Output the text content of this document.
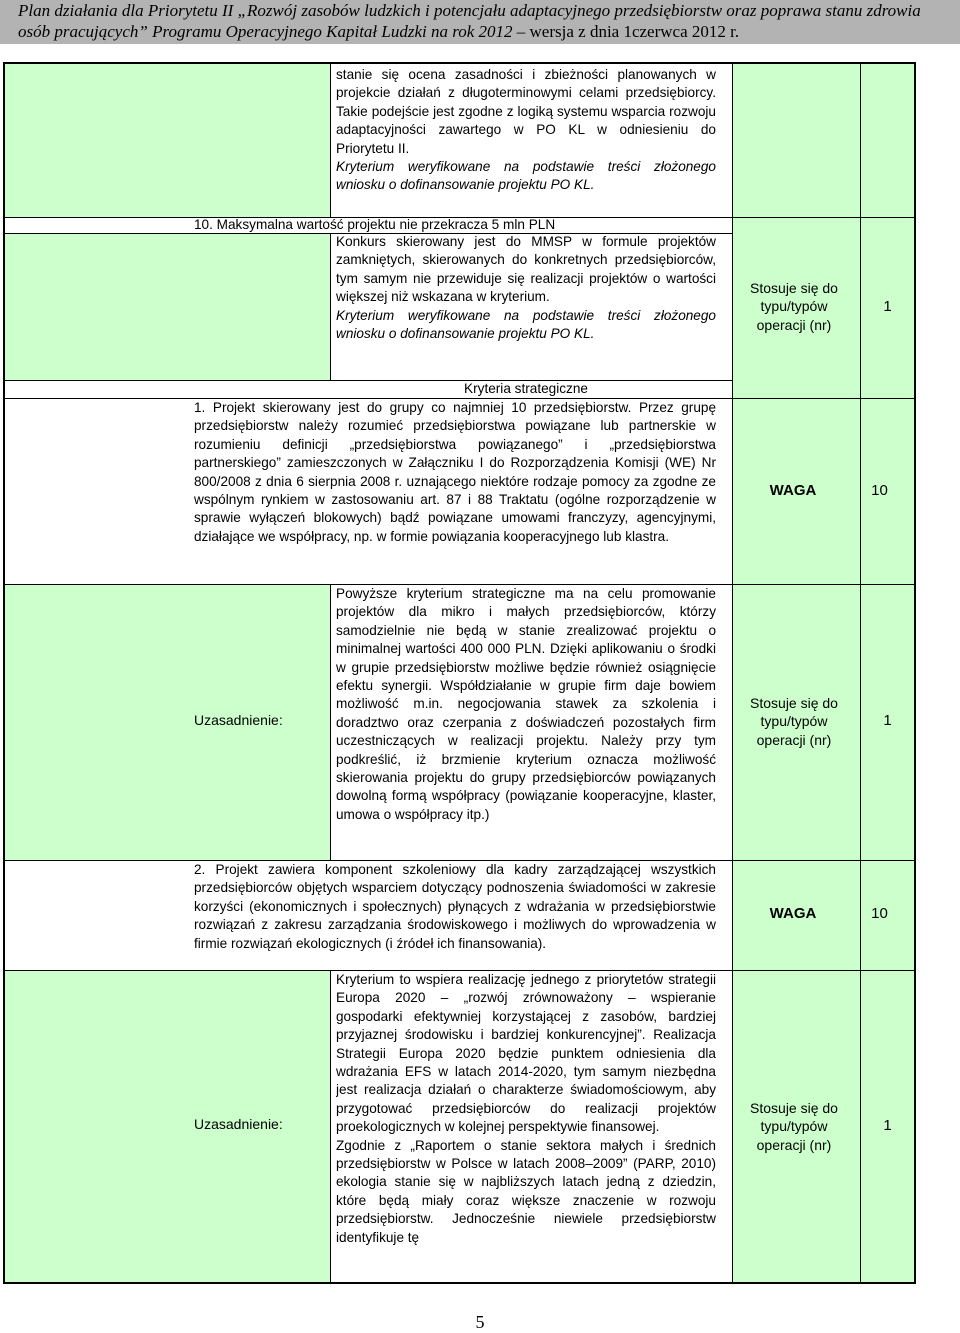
Plan działania dla Priorytetu II „Rozwój zasobów ludzkich i potencjału adaptacyjnego przedsiębiorstw oraz poprawa stanu zdrowia
osób pracujących” Programu Operacyjnego Kapitał Ludzki na rok 2012 – wersja z dnia 1czerwca 2012 r.

stanie się ocena zasadności i zbieżności planowanych w projekcie działań z długoterminowymi celami przedsiębiorcy. Takie podejście jest zgodne z logiką systemu wsparcia rozwoju adaptacyjności zawartego w PO KL w odniesieniu do Priorytetu II.

Kryterium weryfikowane na podstawie treści złożonego wniosku o dofinansowanie projektu PO KL.

10. Maksymalna wartość projektu nie przekracza 5 mln PLN

Konkurs skierowany jest do MMSP w formule projektów zamkniętych, skierowanych do konkretnych przedsiębiorców, tym samym nie przewiduje się realizacji projektów o wartości większej niż wskazana w kryterium.

Kryterium weryfikowane na podstawie treści złożonego wniosku o dofinansowanie projektu PO KL.

Stosuje się do typu/typów operacji (nr)
1
Kryteria strategiczne
1. Projekt skierowany jest do grupy co najmniej 10 przedsiębiorstw. Przez grupę przedsiębiorstw należy rozumieć przedsiębiorstwa powiązane lub partnerskie w rozumieniu definicji „przedsiębiorstwa powiązanego” i „przedsiębiorstwa partnerskiego” zamieszczonych w Załączniku I do Rozporządzenia Komisji (WE) Nr 800/2008 z dnia 6 sierpnia 2008 r. uznającego niektóre rodzaje pomocy za zgodne ze wspólnym rynkiem w zastosowaniu art. 87 i 88 Traktatu (ogólne rozporządzenie w sprawie wyłączeń blokowych) bądź powiązane umowami franczyzy, agencyjnymi, działające we współpracy, np. w formie powiązania kooperacyjnego lub klastra.
WAGA	10
Uzasadnienie:
Powyższe kryterium strategiczne ma na celu promowanie projektów dla mikro i małych przedsiębiorców, którzy samodzielnie nie będą w stanie zrealizować projektu o minimalnej wartości 400 000 PLN. Dzięki aplikowaniu o środki w grupie przedsiębiorstw możliwe będzie również osiągnięcie efektu synergii. Współdziałanie w grupie firm daje bowiem możliwość m.in. negocjowania stawek za szkolenia i doradztwo oraz czerpania z doświadczeń pozostałych firm uczestniczących w realizacji projektu. Należy przy tym podkreślić, iż brzmienie kryterium oznacza możliwość skierowania projektu do grupy przedsiębiorców powiązanych dowolną formą współpracy (powiązanie kooperacyjne, klaster, umowa o współpracy itp.)
Stosuje się do typu/typów operacji (nr)
1
2. Projekt zawiera komponent szkoleniowy dla kadry zarządzającej wszystkich przedsiębiorców objętych wsparciem dotyczący podnoszenia świadomości w zakresie korzyści (ekonomicznych i społecznych) płynących z wdrażania w przedsiębiorstwie rozwiązań z zakresu zarządzania środowiskowego i możliwych do wprowadzenia w firmie rozwiązań ekologicznych (i źródeł ich finansowania).
WAGA	10
Uzasadnienie:

Kryterium to wspiera realizację jednego z priorytetów strategii Europa 2020 – „rozwój zrównoważony – wspieranie gospodarki efektywniej korzystającej z zasobów, bardziej przyjaznej środowisku i bardziej konkurencyjnej”. Realizacja Strategii Europa 2020 będzie punktem odniesienia dla wdrażania EFS w latach 2014-2020, tym samym niezbędna jest realizacja działań o charakterze świadomościowym, aby przygotować przedsiębiorców do realizacji projektów proekologicznych w kolejnej perspektywie finansowej.

Zgodnie z „Raportem o stanie sektora małych i średnich przedsiębiorstw w Polsce w latach 2008–2009” (PARP, 2010) ekologia stanie się w najbliższych latach jedną z dziedzin, które będą miały coraz większe znaczenie w rozwoju przedsiębiorstw. Jednocześnie niewiele przedsiębiorstw identyfikuje tę

Stosuje się do typu/typów operacji (nr)
1
5
